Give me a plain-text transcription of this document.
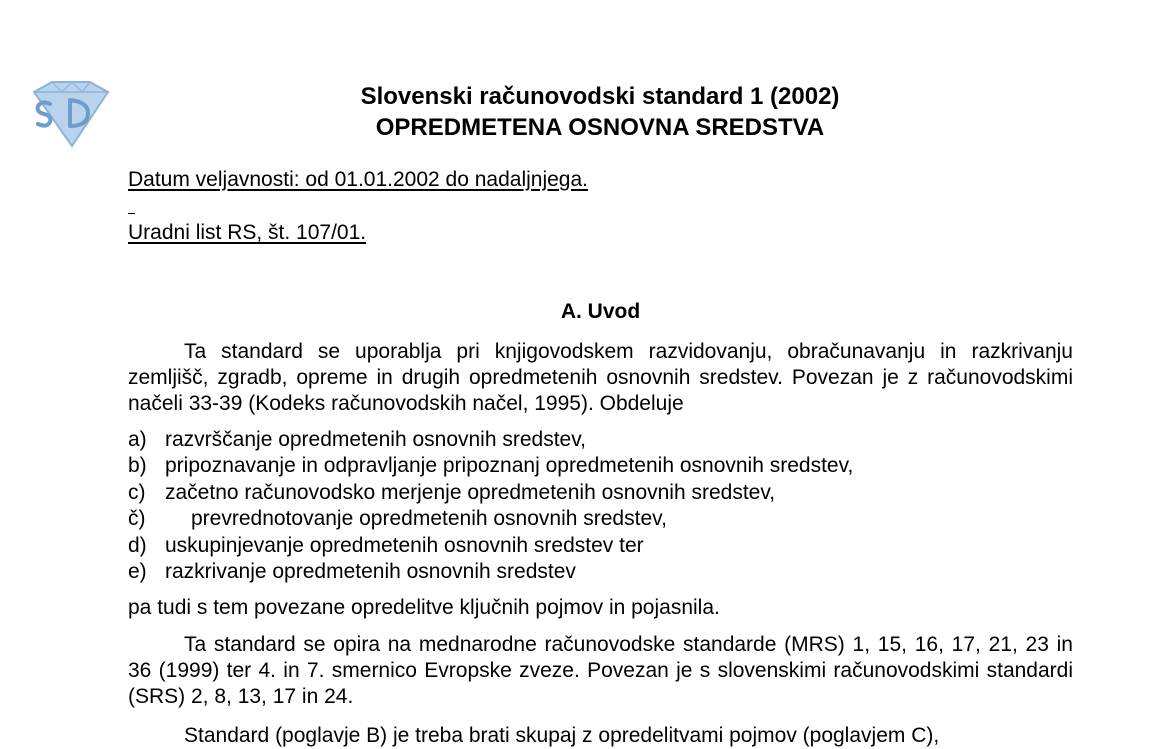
Slovenski računovodski standard 1 (2002)
OPREDMETENA OSNOVNA SREDSTVA

Datum veljavnosti: od 01.01.2002 do nadaljnjega.

Uradni list RS, št. 107/01.

A. Uvod

Ta standard se uporablja pri knjigovodskem razvidovanju, obračunavanju in razkrivanju zemljišč, zgradb, opreme in drugih opredmetenih osnovnih sredstev. Povezan je z računovodskimi načeli 33-39 (Kodeks računovodskih načel, 1995). Obdeluje

a) razvrščanje opredmetenih osnovnih sredstev,
b) pripoznavanje in odpravljanje pripoznanj opredmetenih osnovnih sredstev,
c) začetno računovodsko merjenje opredmetenih osnovnih sredstev,
č) prevrednotovanje opredmetenih osnovnih sredstev,
d) uskupinjevanje opredmetenih osnovnih sredstev ter
e) razkrivanje opredmetenih osnovnih sredstev

pa tudi s tem povezane opredelitve ključnih pojmov in pojasnila.

Ta standard se opira na mednarodne računovodske standarde (MRS) 1, 15, 16, 17, 21, 23 in 36 (1999) ter 4. in 7. smernico Evropske zveze. Povezan je s slovenskimi računovodskimi standardi (SRS) 2, 8, 13, 17 in 24.

Standard (poglavje B) je treba brati skupaj z opredelitvami pojmov (poglavjem C),
